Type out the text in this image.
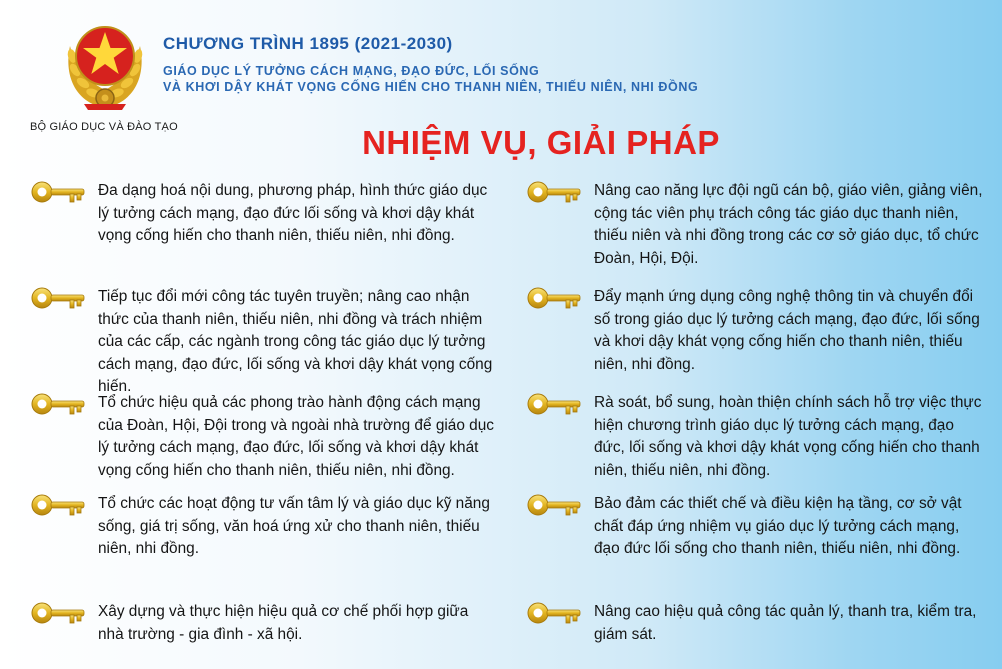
BỘ GIÁO DỤC VÀ ĐÀO TẠO
CHƯƠNG TRÌNH 1895 (2021-2030)
GIÁO DỤC LÝ TƯỞNG CÁCH MẠNG, ĐẠO ĐỨC, LỐI SỐNG
VÀ KHƠI DẬY KHÁT VỌNG CỐNG HIẾN CHO THANH NIÊN, THIẾU NIÊN, NHI ĐỒNG
NHIỆM VỤ, GIẢI PHÁP
Đa dạng hoá nội dung, phương pháp, hình thức giáo dục lý tưởng cách mạng, đạo đức lối sống và khơi dậy khát vọng cống hiến cho thanh niên, thiếu niên, nhi đồng.
Tiếp tục đổi mới công tác tuyên truyền; nâng cao nhận thức của thanh niên, thiếu niên, nhi đồng và trách nhiệm của các cấp, các ngành trong công tác giáo dục lý tưởng cách mạng, đạo đức, lối sống và khơi dậy khát vọng cống hiến.
Tổ chức hiệu quả các phong trào hành động cách mạng của Đoàn, Hội, Đội trong và ngoài nhà trường để giáo dục lý tưởng cách mạng, đạo đức, lối sống và khơi dậy khát vọng cống hiến cho thanh niên, thiếu niên, nhi đồng.
Tổ chức các hoạt động tư vấn tâm lý và giáo dục kỹ năng sống, giá trị sống, văn hoá ứng xử cho thanh niên, thiếu niên, nhi đồng.
Xây dựng và thực hiện hiệu quả cơ chế phối hợp giữa nhà trường - gia đình - xã hội.
Nâng cao năng lực đội ngũ cán bộ, giáo viên, giảng viên, cộng tác viên phụ trách công tác giáo dục thanh niên, thiếu niên và nhi đồng trong các cơ sở giáo dục, tổ chức Đoàn, Hội, Đội.
Đẩy mạnh ứng dụng công nghệ thông tin và chuyển đổi số trong giáo dục lý tưởng cách mạng, đạo đức, lối sống và khơi dậy khát vọng cống hiến cho thanh niên, thiếu niên, nhi đồng.
Rà soát, bổ sung, hoàn thiện chính sách hỗ trợ việc thực hiện chương trình giáo dục lý tưởng cách mạng, đạo đức, lối sống và khơi dậy khát vọng cống hiến cho thanh niên, thiếu niên, nhi đồng.
Bảo đảm các thiết chế và điều kiện hạ tầng, cơ sở vật chất đáp ứng nhiệm vụ giáo dục lý tưởng cách mạng, đạo đức lối sống cho thanh niên, thiếu niên, nhi đồng.
Nâng cao hiệu quả công tác quản lý, thanh tra, kiểm tra, giám sát.
